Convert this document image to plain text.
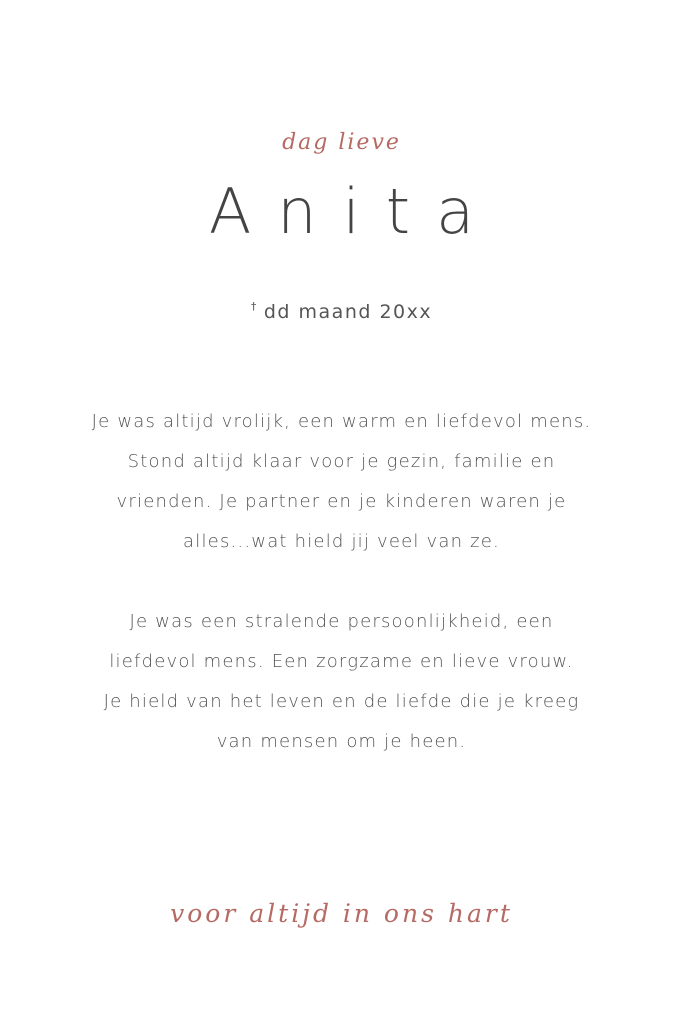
dag lieve
Anita
† dd maand 20xx
Je was altijd vrolijk, een warm en liefdevol mens.
Stond altijd klaar voor je gezin, familie en
vrienden. Je partner en je kinderen waren je
alles...wat hield jij veel van ze.
Je was een stralende persoonlijkheid, een
liefdevol mens. Een zorgzame en lieve vrouw.
Je hield van het leven en de liefde die je kreeg
van mensen om je heen.
voor altijd in ons hart
